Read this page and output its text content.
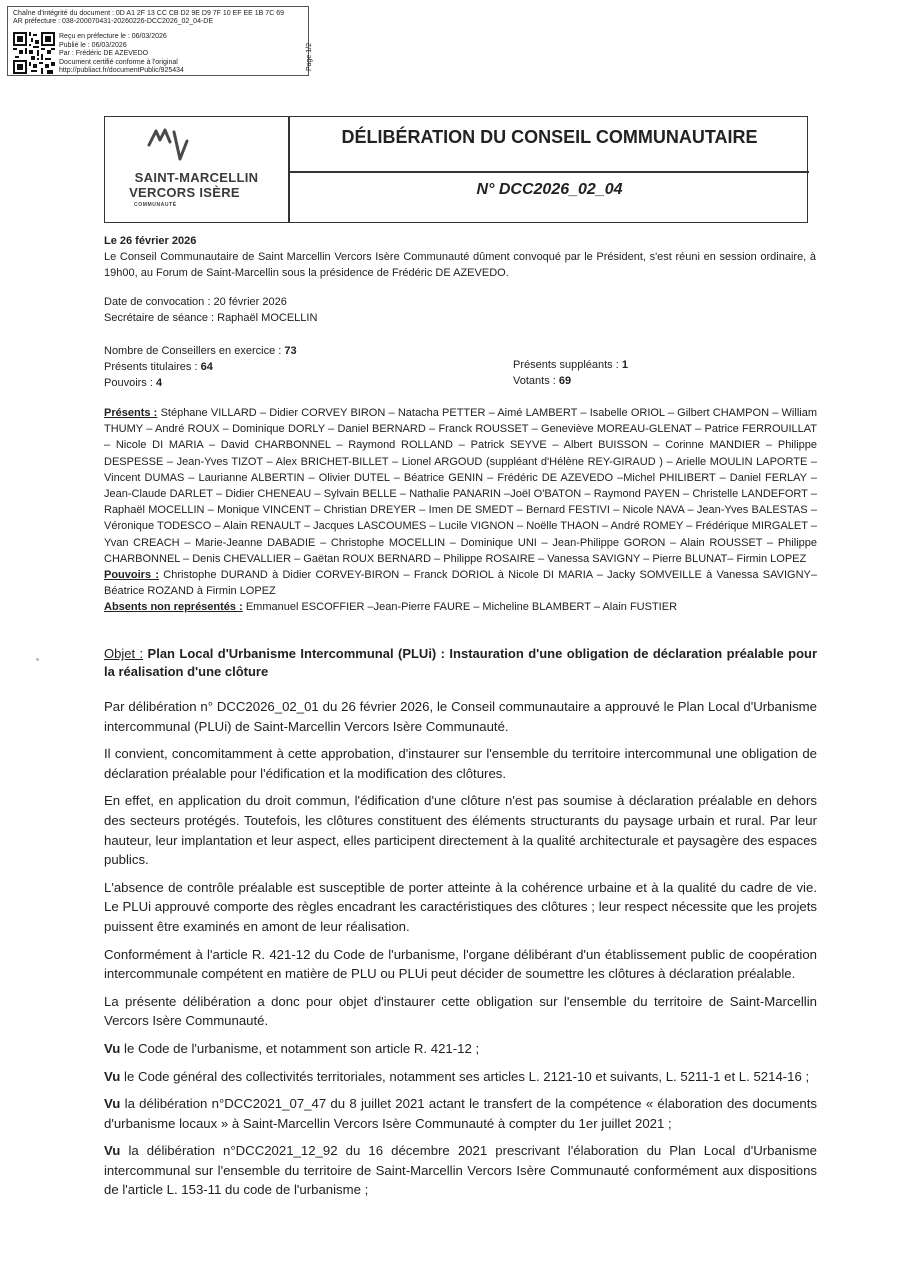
Chaîne d'intégrité du document : 0D A1 2F 13 CC CB D2 9E D9 7F 10 EF EE 1B 7C 69
AR préfecture : 038-200070431-20260226-DCC2026_02_04-DE
Reçu en préfecture le : 06/03/2026
Publié le : 06/03/2026
Par : Frédéric DE AZEVEDO
Document certifié conforme à l'original
http://publiact.fr/documentPublic/925434	Page 1/2
SAINT-MARCELLIN
VERCORS ISÈRE
COMMUNAUTÉ
DÉLIBÉRATION DU CONSEIL COMMUNAUTAIRE
N° DCC2026_02_04
Le 26 février 2026
Le Conseil Communautaire de Saint Marcellin Vercors Isère Communauté dûment convoqué par le Président, s'est réuni en session ordinaire, à 19h00, au Forum de Saint-Marcellin sous la présidence de Frédéric DE AZEVEDO.
Date de convocation : 20 février 2026
Secrétaire de séance : Raphaël MOCELLIN
Nombre de Conseillers en exercice : 73
Présents titulaires : 64
Pouvoirs : 4
Présents suppléants : 1
Votants : 69
Présents : Stéphane VILLARD – Didier CORVEY BIRON – Natacha PETTER – Aimé LAMBERT – Isabelle ORIOL – Gilbert CHAMPON – William THUMY – André ROUX – Dominique DORLY – Daniel BERNARD – Franck ROUSSET – Geneviève MOREAU-GLENAT – Patrice FERROUILLAT – Nicole DI MARIA – David CHARBONNEL – Raymond ROLLAND – Patrick SEYVE – Albert BUISSON – Corinne MANDIER – Philippe DESPESSE – Jean-Yves TIZOT – Alex BRICHET-BILLET – Lionel ARGOUD (suppléant d'Hélène REY-GIRAUD ) – Arielle MOULIN LAPORTE – Vincent DUMAS – Laurianne ALBERTIN – Olivier DUTEL – Béatrice GENIN – Frédéric DE AZEVEDO –Michel PHILIBERT – Daniel FERLAY – Jean-Claude DARLET – Didier CHENEAU – Sylvain BELLE – Nathalie PANARIN –Joël O'BATON – Raymond PAYEN – Christelle LANDEFORT – Raphaël MOCELLIN – Monique VINCENT – Christian DREYER – Imen DE SMEDT – Bernard FESTIVI – Nicole NAVA – Jean-Yves BALESTAS – Véronique TODESCO – Alain RENAULT – Jacques LASCOUMES – Lucile VIGNON – Noëlle THAON – André ROMEY – Frédérique MIRGALET – Yvan CREACH – Marie-Jeanne DABADIE – Christophe MOCELLIN – Dominique UNI – Jean-Philippe GORON – Alain ROUSSET – Philippe CHARBONNEL – Denis CHEVALLIER – Gaëtan ROUX BERNARD – Philippe ROSAIRE – Vanessa SAVIGNY – Pierre BLUNAT– Firmin LOPEZ
Pouvoirs : Christophe DURAND à Didier CORVEY-BIRON – Franck DORIOL à Nicole DI MARIA – Jacky SOMVEILLE à Vanessa SAVIGNY– Béatrice ROZAND à Firmin LOPEZ
Absents non représentés : Emmanuel ESCOFFIER –Jean-Pierre FAURE – Micheline BLAMBERT – Alain FUSTIER
Objet : Plan Local d'Urbanisme Intercommunal (PLUi) : Instauration d'une obligation de déclaration préalable pour la réalisation d'une clôture

Par délibération n° DCC2026_02_01 du 26 février 2026, le Conseil communautaire a approuvé le Plan Local d'Urbanisme intercommunal (PLUi) de Saint-Marcellin Vercors Isère Communauté.

Il convient, concomitamment à cette approbation, d'instaurer sur l'ensemble du territoire intercommunal une obligation de déclaration préalable pour l'édification et la modification des clôtures.

En effet, en application du droit commun, l'édification d'une clôture n'est pas soumise à déclaration préalable en dehors des secteurs protégés. Toutefois, les clôtures constituent des éléments structurants du paysage urbain et rural. Par leur hauteur, leur implantation et leur aspect, elles participent directement à la qualité architecturale et paysagère des espaces publics.

L'absence de contrôle préalable est susceptible de porter atteinte à la cohérence urbaine et à la qualité du cadre de vie. Le PLUi approuvé comporte des règles encadrant les caractéristiques des clôtures ; leur respect nécessite que les projets puissent être examinés en amont de leur réalisation.

Conformément à l'article R. 421-12 du Code de l'urbanisme, l'organe délibérant d'un établissement public de coopération intercommunale compétent en matière de PLU ou PLUi peut décider de soumettre les clôtures à déclaration préalable.

La présente délibération a donc pour objet d'instaurer cette obligation sur l'ensemble du territoire de Saint-Marcellin Vercors Isère Communauté.

Vu le Code de l'urbanisme, et notamment son article R. 421-12 ;

Vu le Code général des collectivités territoriales, notamment ses articles L. 2121-10 et suivants, L. 5211-1 et L. 5214-16 ;

Vu la délibération n°DCC2021_07_47 du 8 juillet 2021 actant le transfert de la compétence « élaboration des documents d'urbanisme locaux » à Saint-Marcellin Vercors Isère Communauté à compter du 1er juillet 2021 ;

Vu la délibération n°DCC2021_12_92 du 16 décembre 2021 prescrivant l'élaboration du Plan Local d'Urbanisme intercommunal sur l'ensemble du territoire de Saint-Marcellin Vercors Isère Communauté conformément aux dispositions de l'article L. 153-11 du code de l'urbanisme ;
